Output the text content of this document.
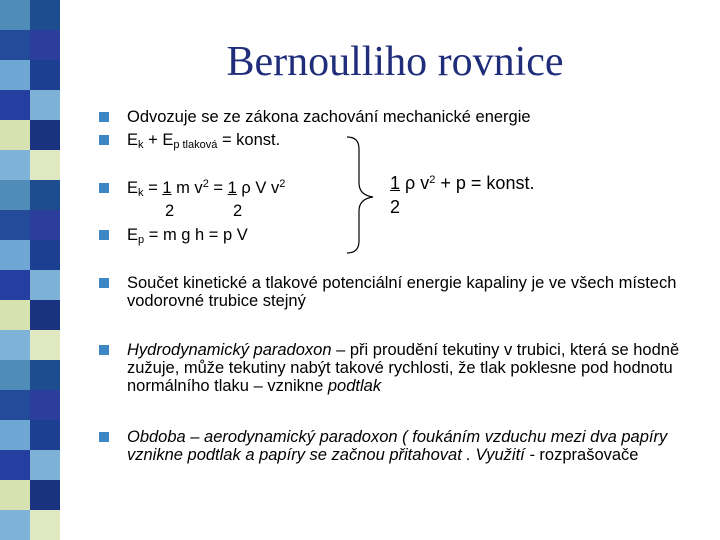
Bernoulliho rovnice
Odvozuje se ze zákona zachování mechanické energie
Ek + Ep tlaková = konst.
Ek = 1 m $v^2 = 1$ ρ V $v^2$
2	2
Ep = m g h = p V
1 ρ $v^2 + p$ = konst.
2
Součet kinetické a tlakové potenciální energie kapaliny je ve všech místech vodorovné trubice stejný
Hydrodynamický paradoxon – při proudění tekutiny v trubici, která se hodně zužuje, může tekutiny nabýt takové rychlosti, že tlak poklesne pod hodnotu normálního tlaku – vznikne podtlak
Obdoba – aerodynamický paradoxon ( foukáním vzduchu mezi dva papíry vznikne podtlak a papíry se začnou přitahovat . Využití - rozprašovače
